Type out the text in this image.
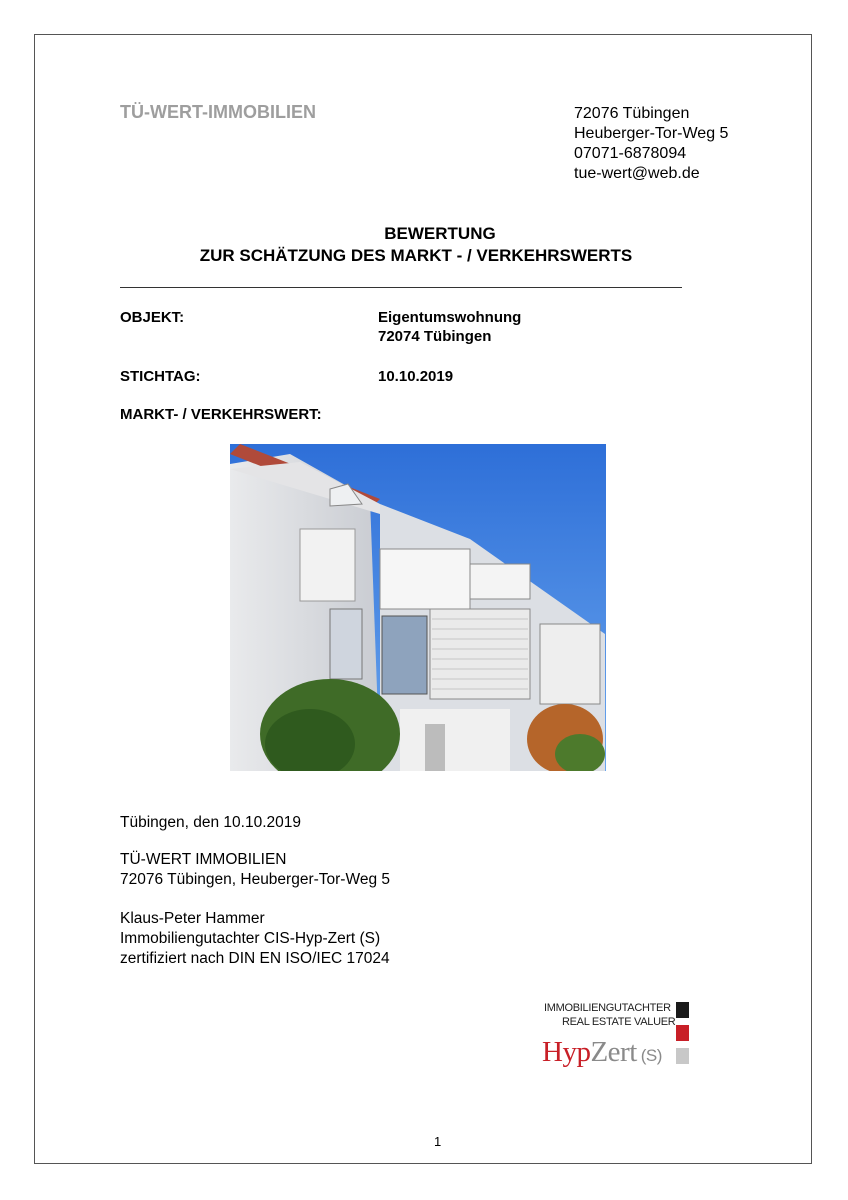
TÜ-WERT-IMMOBILIEN	72076 Tübingen
Heuberger-Tor-Weg 5
07071-6878094
tue-wert@web.de
BEWERTUNG
ZUR SCHÄTZUNG DES MARKT - / VERKEHRSWERTS
OBJEKT:	Eigentumswohnung
72074 Tübingen
STICHTAG:	10.10.2019
MARKT- / VERKEHRSWERT:
Tübingen, den 10.10.2019
TÜ-WERT IMMOBILIEN
72076 Tübingen, Heuberger-Tor-Weg 5
Klaus-Peter Hammer
Immobiliengutachter CIS-Hyp-Zert (S)
zertifiziert nach DIN EN ISO/IEC 17024
IMMOBILIENGUTACHTER
REAL ESTATE VALUER
HypZert (S)
1
